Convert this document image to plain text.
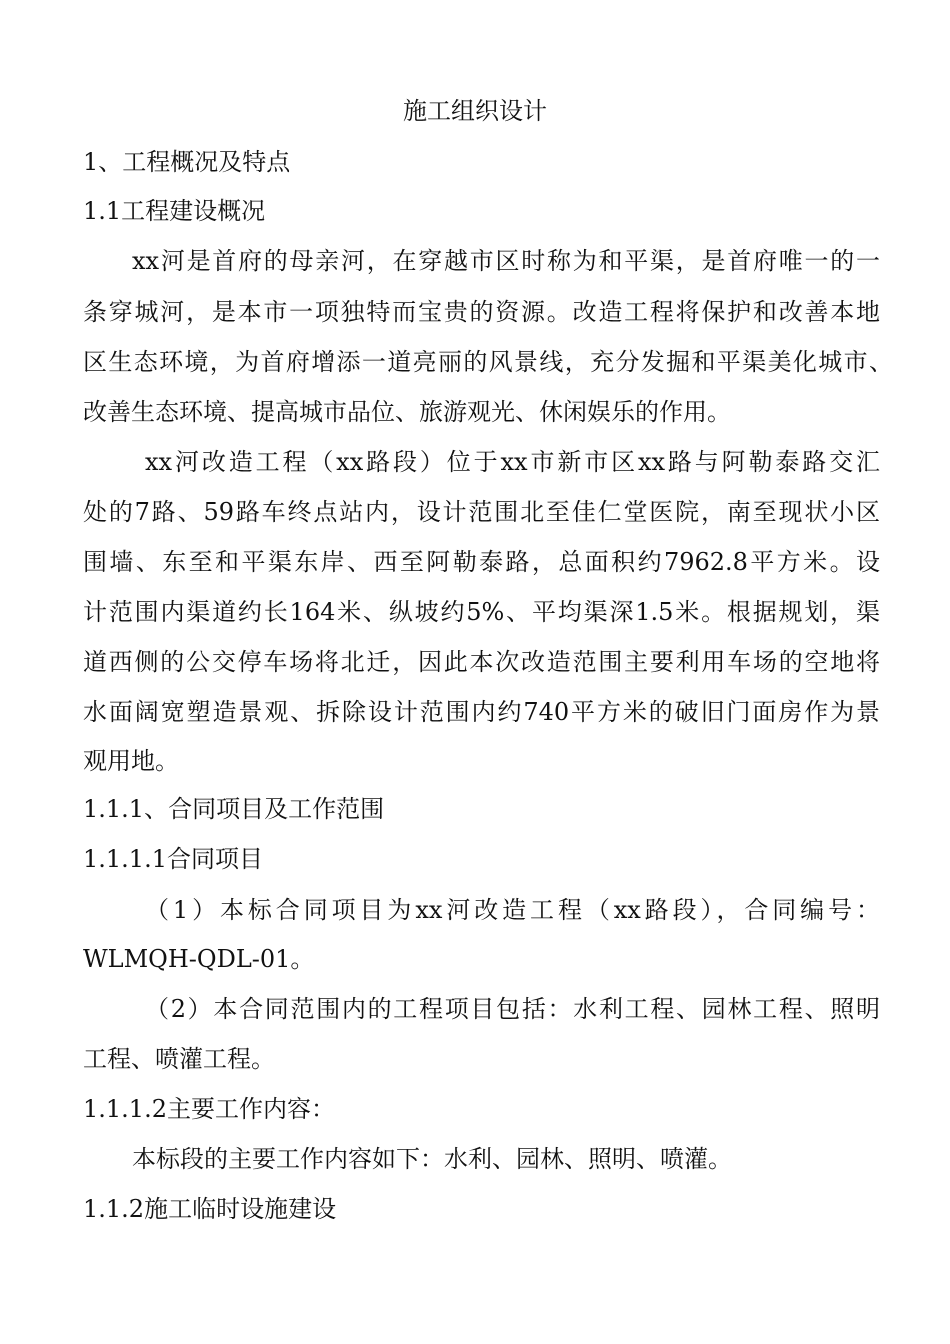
施工组织设计
1、工程概况及特点
1.1工程建设概况
xx河是首府的母亲河，在穿越市区时称为和平渠，是首府唯一的一
条穿城河，是本市一项独特而宝贵的资源。改造工程将保护和改善本地
区生态环境，为首府增添一道亮丽的风景线，充分发掘和平渠美化城市、
改善生态环境、提高城市品位、旅游观光、休闲娱乐的作用。
xx河改造工程（xx路段）位于xx市新市区xx路与阿勒泰路交汇
处的7路、59路车终点站内，设计范围北至佳仁堂医院，南至现状小区
围墙、东至和平渠东岸、西至阿勒泰路，总面积约7962.8平方米。设
计范围内渠道约长164米、纵坡约5%、平均渠深1.5米。根据规划，渠
道西侧的公交停车场将北迁，因此本次改造范围主要利用车场的空地将
水面阔宽塑造景观、拆除设计范围内约740平方米的破旧门面房作为景
观用地。
1.1.1、合同项目及工作范围
1.1.1.1合同项目
（1）本标合同项目为xx河改造工程（xx路段），合同编号：
WLMQH-QDL-01。
（2）本合同范围内的工程项目包括：水利工程、园林工程、照明
工程、喷灌工程。
1.1.1.2主要工作内容：
本标段的主要工作内容如下：水利、园林、照明、喷灌。
1.1.2施工临时设施建设
